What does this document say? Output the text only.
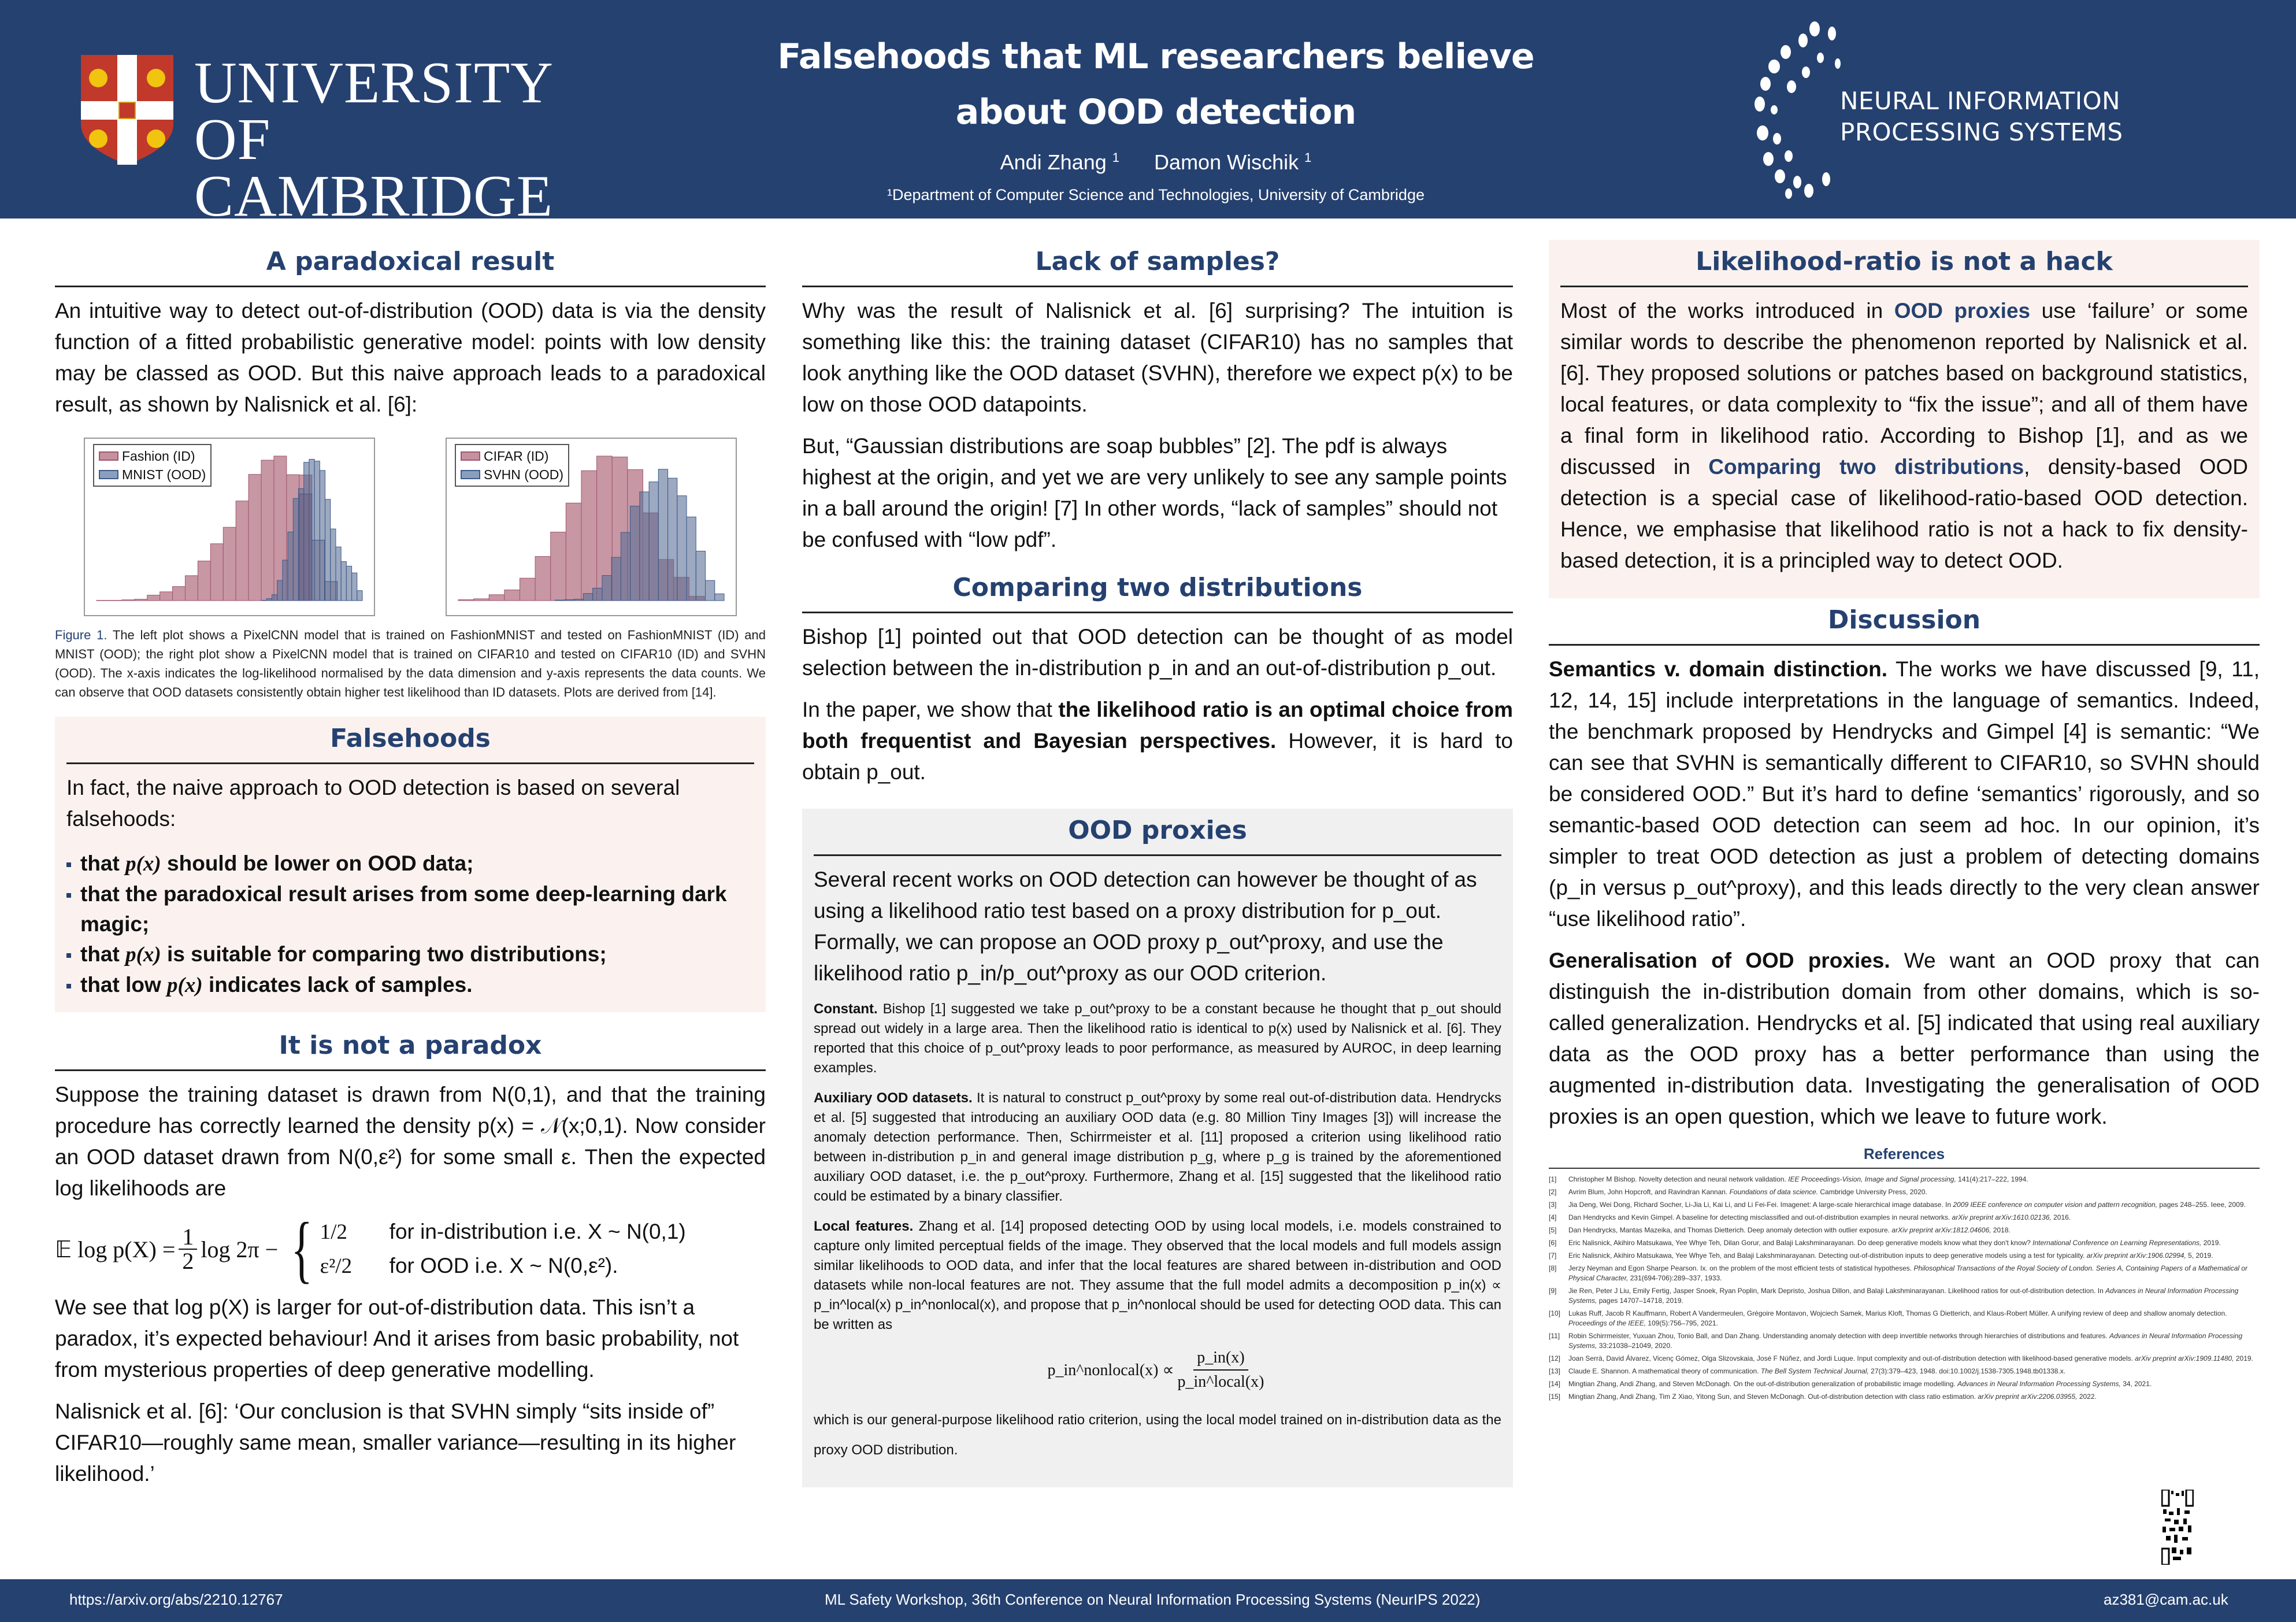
UNIVERSITY OF
CAMBRIDGE
Falsehoods that ML researchers believe
about OOD detection
Andi Zhang $^1$ Damon Wischik $^1$
¹Department of Computer Science and Technologies, University of Cambridge
NEURAL INFORMATION
PROCESSING SYSTEMS
A paradoxical result

An intuitive way to detect out-of-distribution (OOD) data is via the density function of a fitted probabilistic generative model: points with low density may be classed as OOD. But this naive approach leads to a paradoxical result, as shown by Nalisnick et al. [6]:

Fashion (ID)
MNIST (OOD)
CIFAR (ID)
SVHN (OOD)
Figure 1. The left plot shows a PixelCNN model that is trained on FashionMNIST and tested on FashionMNIST (ID) and MNIST (OOD); the right plot show a PixelCNN model that is trained on CIFAR10 and tested on CIFAR10 (ID) and SVHN (OOD). The x-axis indicates the log-likelihood normalised by the data dimension and y-axis represents the data counts. We can observe that OOD datasets consistently obtain higher test likelihood than ID datasets. Plots are derived from [14].
Falsehoods

In fact, the naive approach to OOD detection is based on several falsehoods:

that p(x) should be lower on OOD data;
that the paradoxical result arises from some deep-learning dark magic;
that p(x) is suitable for comparing two distributions;
that low p(x) indicates lack of samples.
It is not a paradox

Suppose the training dataset is drawn from N(0,1), and that the training procedure has correctly learned the density p(x) = 𝒩(x;0,1). Now consider an OOD dataset drawn from N(0,ε²) for some small ε. Then the expected log likelihoods are

𝔼 $\log p(X) = \frac{1}{2}$ log 2π − { 1/2 for in-distribution i.e. X ~ N(0,1)
ε²/2 for OOD i.e. X ~ N(0,ε²).

We see that log p(X) is larger for out-of-distribution data. This isn’t a paradox, it’s expected behaviour! And it arises from basic probability, not from mysterious properties of deep generative modelling.

Nalisnick et al. [6]: ‘Our conclusion is that SVHN simply “sits inside of” CIFAR10—roughly same mean, smaller variance—resulting in its higher likelihood.’

Lack of samples?

Why was the result of Nalisnick et al. [6] surprising? The intuition is something like this: the training dataset (CIFAR10) has no samples that look anything like the OOD dataset (SVHN), therefore we expect p(x) to be low on those OOD datapoints.

But, “Gaussian distributions are soap bubbles” [2]. The pdf is always highest at the origin, and yet we are very unlikely to see any sample points in a ball around the origin! [7] In other words, “lack of samples” should not be confused with “low pdf”.

Comparing two distributions

Bishop [1] pointed out that OOD detection can be thought of as model selection between the in-distribution p_in and an out-of-distribution p_out.

In the paper, we show that the likelihood ratio is an optimal choice from both frequentist and Bayesian perspectives. However, it is hard to obtain p_out.

OOD proxies

Several recent works on OOD detection can however be thought of as using a likelihood ratio test based on a proxy distribution for p_out. Formally, we can propose an OOD proxy p_out^proxy, and use the likelihood ratio p_in/p_out^proxy as our OOD criterion.

Constant. Bishop [1] suggested we take p_out^proxy to be a constant because he thought that p_out should spread out widely in a large area. Then the likelihood ratio is identical to p(x) used by Nalisnick et al. [6]. They reported that this choice of p_out^proxy leads to poor performance, as measured by AUROC, in deep learning examples.

Auxiliary OOD datasets. It is natural to construct p_out^proxy by some real out-of-distribution data. Hendrycks et al. [5] suggested that introducing an auxiliary OOD data (e.g. 80 Million Tiny Images [3]) will increase the anomaly detection performance. Then, Schirrmeister et al. [11] proposed a criterion using likelihood ratio between in-distribution p_in and general image distribution p_g, where p_g is trained by the aforementioned auxiliary OOD dataset, i.e. the p_out^proxy. Furthermore, Zhang et al. [15] suggested that the likelihood ratio could be estimated by a binary classifier.

Local features. Zhang et al. [14] proposed detecting OOD by using local models, i.e. models constrained to capture only limited perceptual fields of the image. They observed that the local models and full models assign similar likelihoods to OOD data, and infer that the local features are shared between in-distribution and OOD datasets while non-local features are not. They assume that the full model admits a decomposition p_in(x) ∝ p_in^local(x) p_in^nonlocal(x), and propose that p_in^nonlocal should be used for detecting OOD data. This can be written as

p_in^nonlocal(x) ∝ $\frac{p\_in(x)}{\text{p\_in\textasciicircum{}local(x)}}$

which is our general-purpose likelihood ratio criterion, using the local model trained on in-distribution data as the proxy OOD distribution.

Likelihood-ratio is not a hack

Most of the works introduced in OOD proxies use ‘failure’ or some similar words to describe the phenomenon reported by Nalisnick et al. [6]. They proposed solutions or patches based on background statistics, local features, or data complexity to “fix the issue”; and all of them have a final form in likelihood ratio. According to Bishop [1], and as we discussed in Comparing two distributions, density-based OOD detection is a special case of likelihood-ratio-based OOD detection. Hence, we emphasise that likelihood ratio is not a hack to fix density-based detection, it is a principled way to detect OOD.

Discussion

Semantics v. domain distinction. The works we have discussed [9, 11, 12, 14, 15] include interpretations in the language of semantics. Indeed, the benchmark proposed by Hendrycks and Gimpel [4] is semantic: “We can see that SVHN is semantically different to CIFAR10, so SVHN should be considered OOD.” But it’s hard to define ‘semantics’ rigorously, and so semantic-based OOD detection can seem ad hoc. In our opinion, it’s simpler to treat OOD detection as just a problem of detecting domains (p_in versus p_out^proxy), and this leads directly to the very clean answer “use likelihood ratio”.

Generalisation of OOD proxies. We want an OOD proxy that can distinguish the in-distribution domain from other domains, which is so-called generalization. Hendrycks et al. [5] indicated that using real auxiliary data as the OOD proxy has a better performance than using the augmented in-distribution data. Investigating the generalisation of OOD proxies is an open question, which we leave to future work.

References
[1]	Christopher M Bishop. Novelty detection and neural network validation. IEE Proceedings-Vision, Image and Signal processing, 141(4):217–222, 1994.
[2]	Avrim Blum, John Hopcroft, and Ravindran Kannan. Foundations of data science. Cambridge University Press, 2020.
[3]	Jia Deng, Wei Dong, Richard Socher, Li-Jia Li, Kai Li, and Li Fei-Fei. Imagenet: A large-scale hierarchical image database. In 2009 IEEE conference on computer vision and pattern recognition, pages 248–255. Ieee, 2009.
[4]	Dan Hendrycks and Kevin Gimpel. A baseline for detecting misclassified and out-of-distribution examples in neural networks. arXiv preprint arXiv:1610.02136, 2016.
[5]	Dan Hendrycks, Mantas Mazeika, and Thomas Dietterich. Deep anomaly detection with outlier exposure. arXiv preprint arXiv:1812.04606, 2018.
[6]	Eric Nalisnick, Akihiro Matsukawa, Yee Whye Teh, Dilan Gorur, and Balaji Lakshminarayanan. Do deep generative models know what they don't know? International Conference on Learning Representations, 2019.
[7]	Eric Nalisnick, Akihiro Matsukawa, Yee Whye Teh, and Balaji Lakshminarayanan. Detecting out-of-distribution inputs to deep generative models using a test for typicality. arXiv preprint arXiv:1906.02994, 5, 2019.
[8]	Jerzy Neyman and Egon Sharpe Pearson. Ix. on the problem of the most efficient tests of statistical hypotheses. Philosophical Transactions of the Royal Society of London. Series A, Containing Papers of a Mathematical or Physical Character, 231(694-706):289–337, 1933.
[9]	Jie Ren, Peter J Liu, Emily Fertig, Jasper Snoek, Ryan Poplin, Mark Depristo, Joshua Dillon, and Balaji Lakshminarayanan. Likelihood ratios for out-of-distribution detection. In Advances in Neural Information Processing Systems, pages 14707–14718, 2019.
[10]	Lukas Ruff, Jacob R Kauffmann, Robert A Vandermeulen, Grégoire Montavon, Wojciech Samek, Marius Kloft, Thomas G Dietterich, and Klaus-Robert Müller. A unifying review of deep and shallow anomaly detection. Proceedings of the IEEE, 109(5):756–795, 2021.
[11]	Robin Schirrmeister, Yuxuan Zhou, Tonio Ball, and Dan Zhang. Understanding anomaly detection with deep invertible networks through hierarchies of distributions and features. Advances in Neural Information Processing Systems, 33:21038–21049, 2020.
[12]	Joan Serrà, David Álvarez, Vicenç Gómez, Olga Slizovskaia, José F Núñez, and Jordi Luque. Input complexity and out-of-distribution detection with likelihood-based generative models. arXiv preprint arXiv:1909.11480, 2019.
[13]	Claude E. Shannon. A mathematical theory of communication. The Bell System Technical Journal, 27(3):379–423, 1948. doi:10.1002/j.1538-7305.1948.tb01338.x.
[14]	Mingtian Zhang, Andi Zhang, and Steven McDonagh. On the out-of-distribution generalization of probabilistic image modelling. Advances in Neural Information Processing Systems, 34, 2021.
[15]	Mingtian Zhang, Andi Zhang, Tim Z Xiao, Yitong Sun, and Steven McDonagh. Out-of-distribution detection with class ratio estimation. arXiv preprint arXiv:2206.03955, 2022.
https://arxiv.org/abs/2210.12767	ML Safety Workshop, 36th Conference on Neural Information Processing Systems (NeurIPS 2022)	az381@cam.ac.uk
